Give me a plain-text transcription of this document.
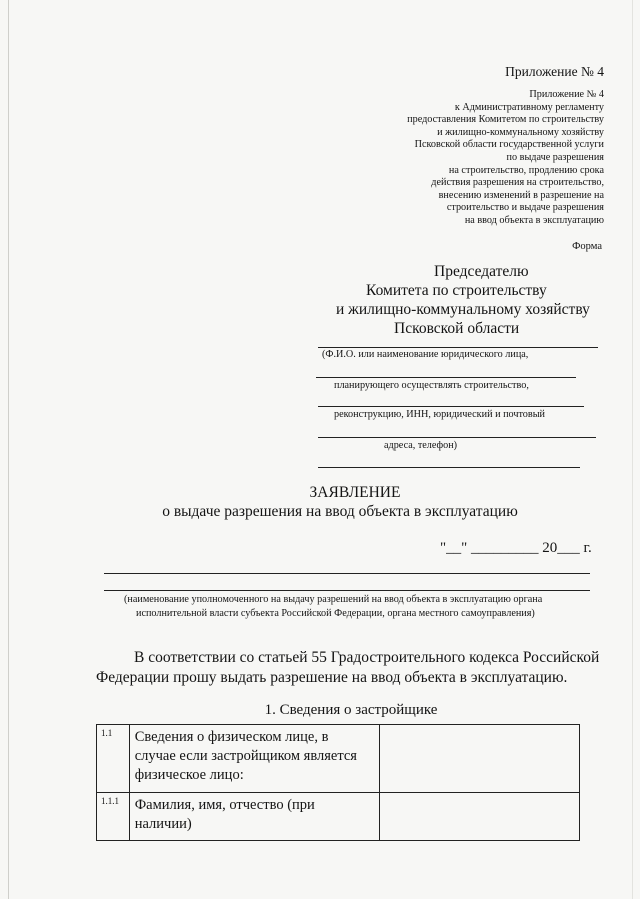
Приложение № 4
Приложение № 4
к Административному регламенту
предоставления Комитетом по строительству
и жилищно-коммунальному хозяйству
Псковской области государственной услуги
по выдаче разрешения
на строительство, продлению срока
действия разрешения на строительство,
внесению изменений в разрешение на
строительство и выдаче разрешения
на ввод объекта в эксплуатацию
Форма
Председателю
Комитета по строительству
и жилищно-коммунальному хозяйству
Псковской области
(Ф.И.О. или наименование юридического лица,
планирующего осуществлять строительство,
реконструкцию, ИНН, юридический и почтовый
адреса, телефон)
ЗАЯВЛЕНИЕ
о выдаче разрешения на ввод объекта в эксплуатацию
"__" _________ 20___ г.
(наименование уполномоченного на выдачу разрешений на ввод объекта в эксплуатацию органа
исполнительной власти субъекта Российской Федерации, органа местного самоуправления)
В соответствии со статьей 55 Градостроительного кодекса Российской
Федерации прошу выдать разрешение на ввод объекта в эксплуатацию.
1. Сведения о застройщике
1.1	Сведения о физическом лице, в
случае если застройщиком является
физическое лицо:	

1.1.1	Фамилия, имя, отчество (при
наличии)	
